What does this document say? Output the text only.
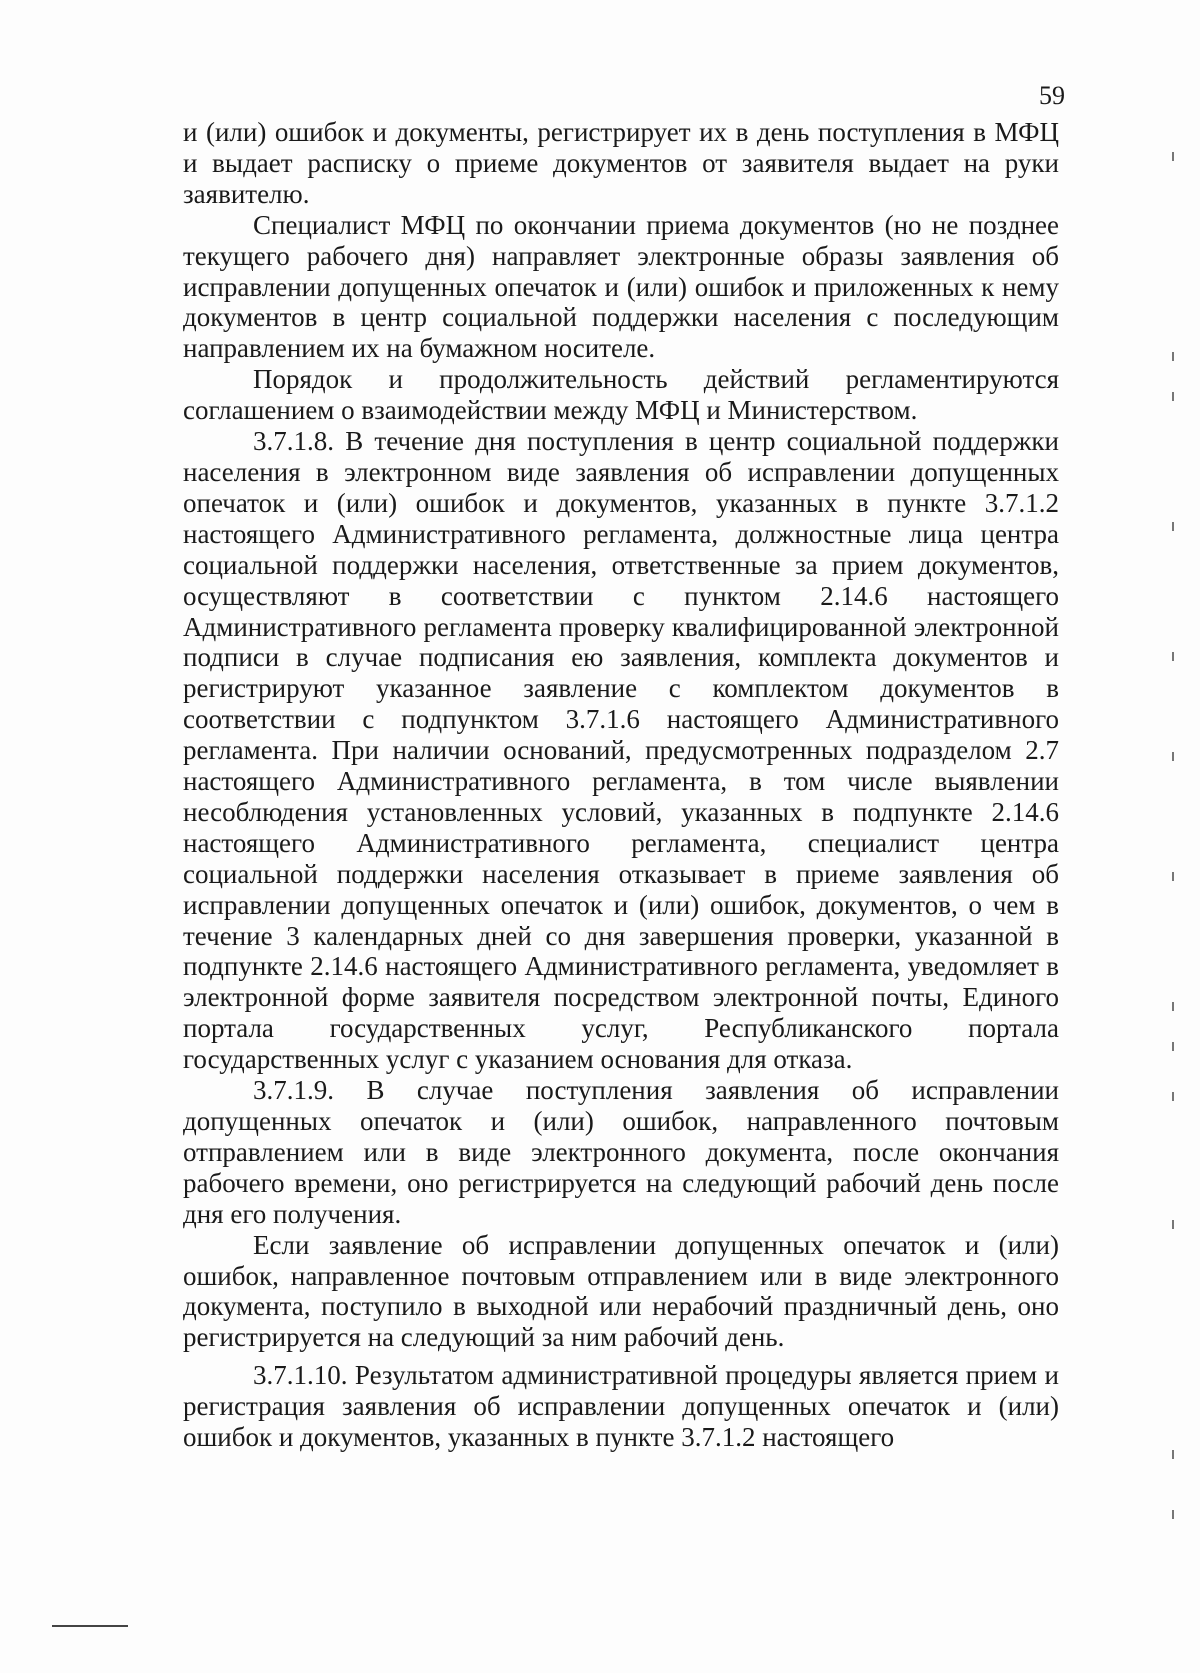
59

и (или) ошибок и документы, регистрирует их в день поступления в МФЦ и выдает расписку о приеме документов от заявителя выдает на руки заявителю.

Специалист МФЦ по окончании приема документов (но не позднее текущего рабочего дня) направляет электронные образы заявления об исправлении допущенных опечаток и (или) ошибок и приложенных к нему документов в центр социальной поддержки населения с последующим направлением их на бумажном носителе.

Порядок и продолжительность действий регламентируются соглашением о взаимодействии между МФЦ и Министерством.

3.7.1.8. В течение дня поступления в центр социальной поддержки населения в электронном виде заявления об исправлении допущенных опечаток и (или) ошибок и документов, указанных в пункте 3.7.1.2 настоящего Административного регламента, должностные лица центра социальной поддержки населения, ответственные за прием документов, осуществляют в соответствии с пунктом 2.14.6 настоящего Административного регламента проверку квалифицированной электронной подписи в случае подписания ею заявления, комплекта документов и регистрируют указанное заявление с комплектом документов в соответствии с подпунктом 3.7.1.6 настоящего Административного регламента. При наличии оснований, предусмотренных подразделом 2.7 настоящего Административного регламента, в том числе выявлении несоблюдения установленных условий, указанных в подпункте 2.14.6 настоящего Административного регламента, специалист центра социальной поддержки населения отказывает в приеме заявления об исправлении допущенных опечаток и (или) ошибок, документов, о чем в течение 3 календарных дней со дня завершения проверки, указанной в подпункте 2.14.6 настоящего Административного регламента, уведомляет в электронной форме заявителя посредством электронной почты, Единого портала государственных услуг, Республиканского портала государственных услуг с указанием основания для отказа.

3.7.1.9. В случае поступления заявления об исправлении допущенных опечаток и (или) ошибок, направленного почтовым отправлением или в виде электронного документа, после окончания рабочего времени, оно регистрируется на следующий рабочий день после дня его получения.

Если заявление об исправлении допущенных опечаток и (или) ошибок, направленное почтовым отправлением или в виде электронного документа, поступило в выходной или нерабочий праздничный день, оно регистрируется на следующий за ним рабочий день.

3.7.1.10. Результатом административной процедуры является прием и регистрация заявления об исправлении допущенных опечаток и (или) ошибок и документов, указанных в пункте 3.7.1.2 настоящего
